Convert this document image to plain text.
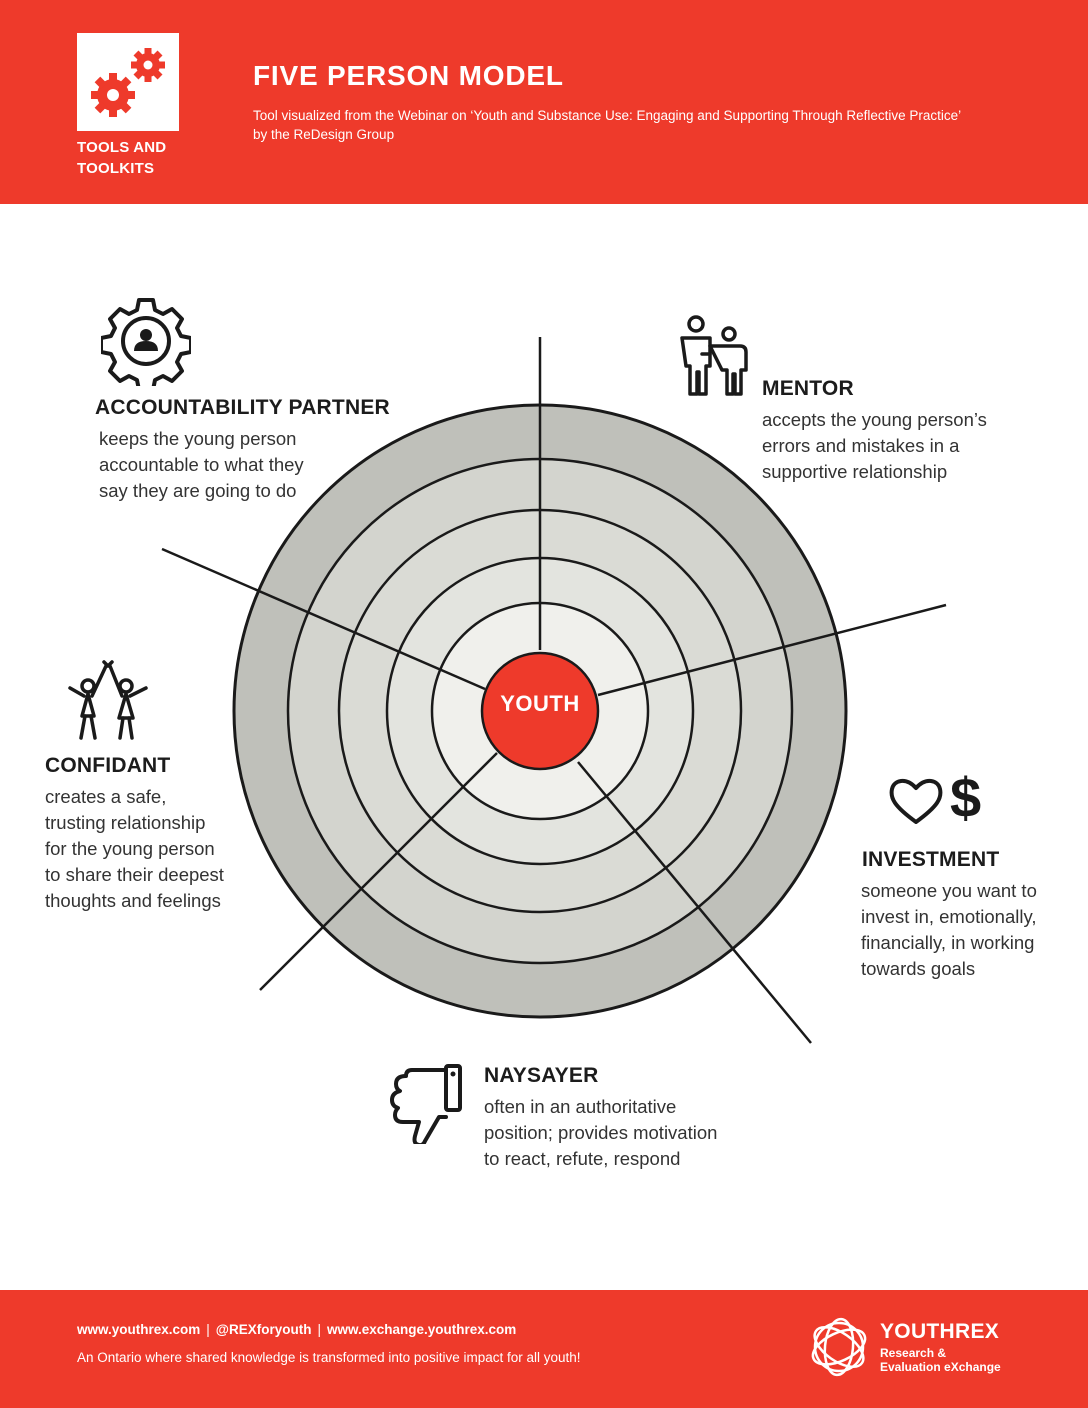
TOOLS AND
TOOLKITS
FIVE PERSON MODEL

Tool visualized from the Webinar on ‘Youth and Substance Use: Engaging and Supporting Through Reflective Practice’
by the ReDesign Group

YOUTH
ACCOUNTABILITY PARTNER
keeps the young person
accountable to what they
say they are going to do
MENTOR
accepts the young person’s
errors and mistakes in a
supportive relationship
CONFIDANT
creates a safe,
trusting relationship
for the young person
to share their deepest
thoughts and feelings
$
INVESTMENT
someone you want to
invest in, emotionally,
financially, in working
towards goals
NAYSAYER
often in an authoritative
position; provides motivation
to react, refute, respond
www.youthrex.com | @REXforyouth | www.exchange.youthrex.com
An Ontario where shared knowledge is transformed into positive impact for all youth!
YOUTHREX
Research &
Evaluation eXchange
